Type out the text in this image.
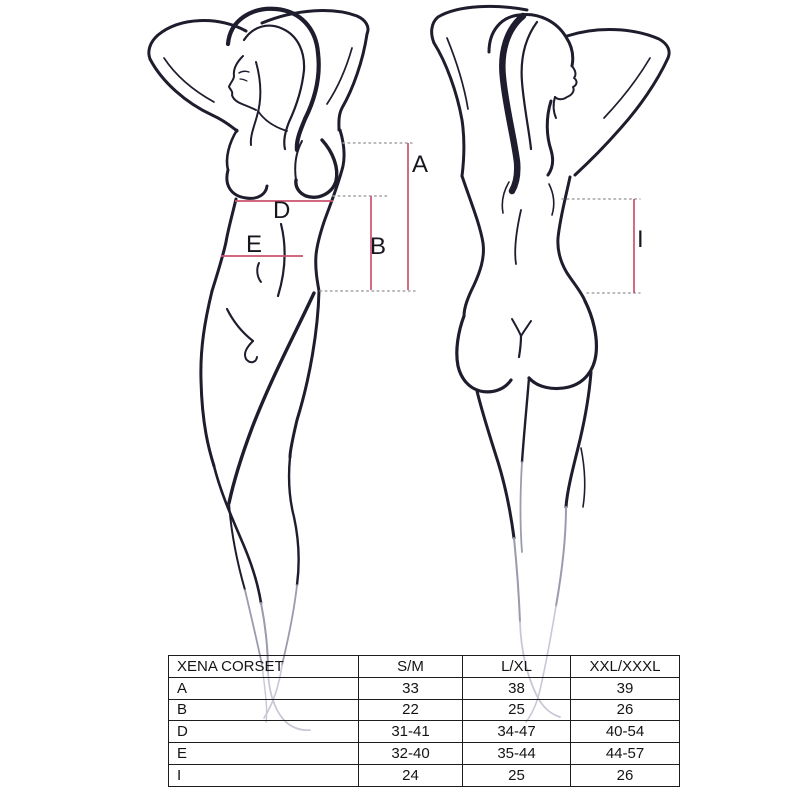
A
B
D
E	I
XENA CORSET	S/M	L/XL	XXL/XXXL
A	33	38	39
B	22	25	26
D	31-41	34-47	40-54
E	32-40	35-44	44-57
I	24	25	26
